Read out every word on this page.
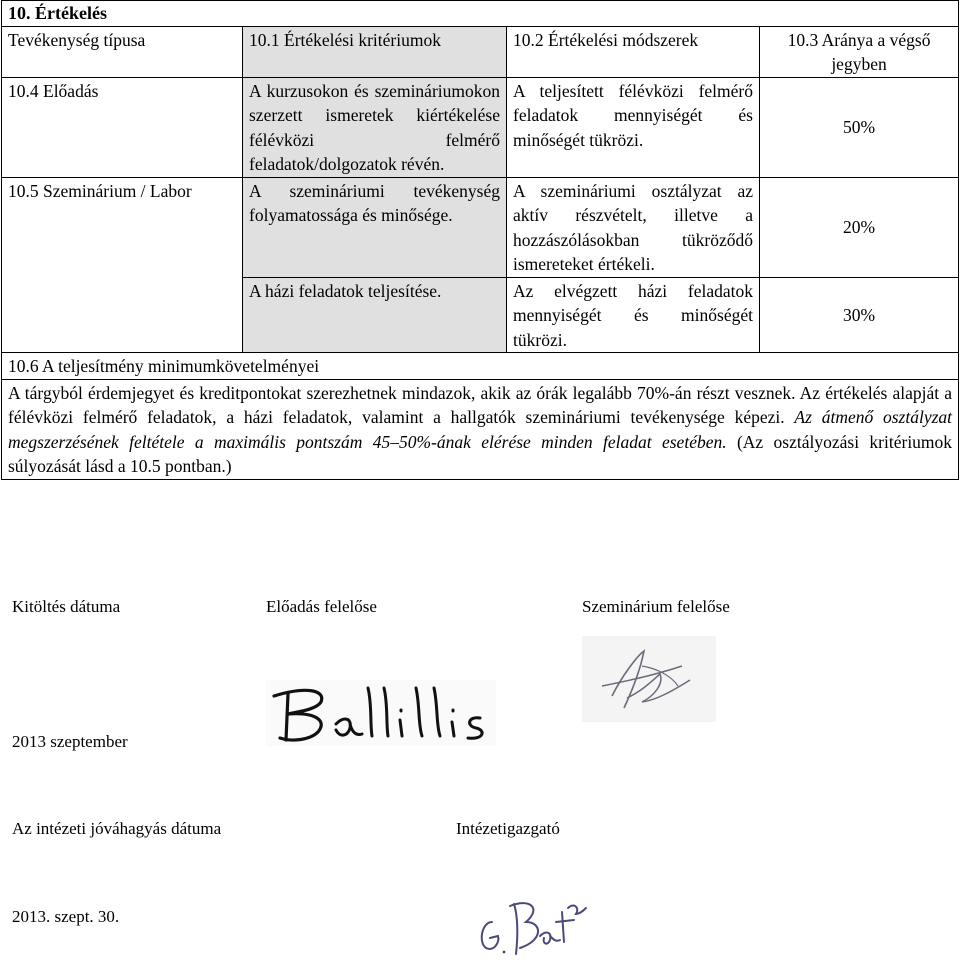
10. Értékelés			
Tevékenység típusa	10.1 Értékelési kritériumok	10.2 Értékelési módszerek	10.3 Aránya a végső jegyben
10.4 Előadás	A kurzusokon és szemináriumokon szerzett ismeretek kiértékelése félévközi felmérő feladatok/dolgozatok révén.	A teljesített félévközi felmérő feladatok mennyiségét és minőségét tükrözi.	50%
10.5 Szeminárium / Labor	A szemináriumi tevékenység folyamatossága és minősége.	A szemináriumi osztályzat az aktív részvételt, illetve a hozzászólásokban tükröződő ismereteket értékeli.	20%
	A házi feladatok teljesítése.	Az elvégzett házi feladatok mennyiségét és minőségét tükrözi.	30%
10.6 A teljesítmény minimumkövetelményei			
A tárgyból érdemjegyet és kreditpontokat szerezhetnek mindazok, akik az órák legalább 70%-án részt vesznek. Az értékelés alapját a félévközi felmérő feladatok, a házi feladatok, valamint a hallgatók szemináriumi tevékenysége képezi. Az átmenő osztályzat megszerzésének feltétele a maximális pontszám 45–50%-ának elérése minden feladat esetében. (Az osztályozási kritériumok súlyozását lásd a 10.5 pontban.)			
Kitöltés dátuma	Előadás felelőse	Szeminárium felelőse
2013 szeptember
Az intézeti jóváhagyás dátuma	Intézetigazgató
2013. szept. 30.
